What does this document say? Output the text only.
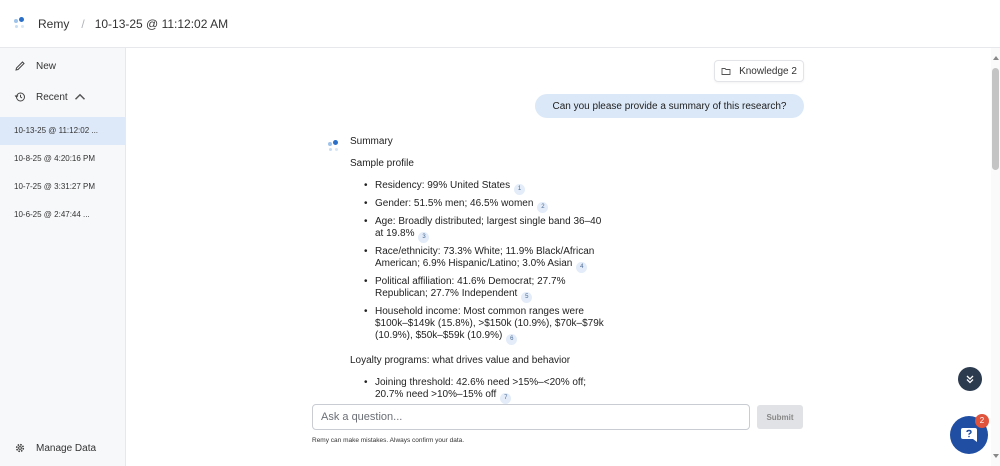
Remy / 10-13-25 @ 11:12:02 AM
New
Recent
10-13-25 @ 11:12:02 ...
10-8-25 @ 4:20:16 PM
10-7-25 @ 3:31:27 PM
10-6-25 @ 2:47:44 ...
Manage Data
Knowledge 2
Can you please provide a summary of this research?
Summary
Sample profile
• Residency: 99% United States 1
• Gender: 51.5% men; 46.5% women 2
• Age: Broadly distributed; largest single band 36–40 at 19.8% 3
• Race/ethnicity: 73.3% White; 11.9% Black/African American; 6.9% Hispanic/Latino; 3.0% Asian 4
• Political affiliation: 41.6% Democrat; 27.7% Republican; 27.7% Independent 5
• Household income: Most common ranges were $100k–$149k (15.8%), >$150k (10.9%), $70k–$79k (10.9%), $50k–$59k (10.9%) 6
Loyalty programs: what drives value and behavior
• Joining threshold: 42.6% need >15%–<20% off; 20.7% need >10%–15% off 7
Ask a question...
Submit
Remy can make mistakes. Always confirm your data.
2
